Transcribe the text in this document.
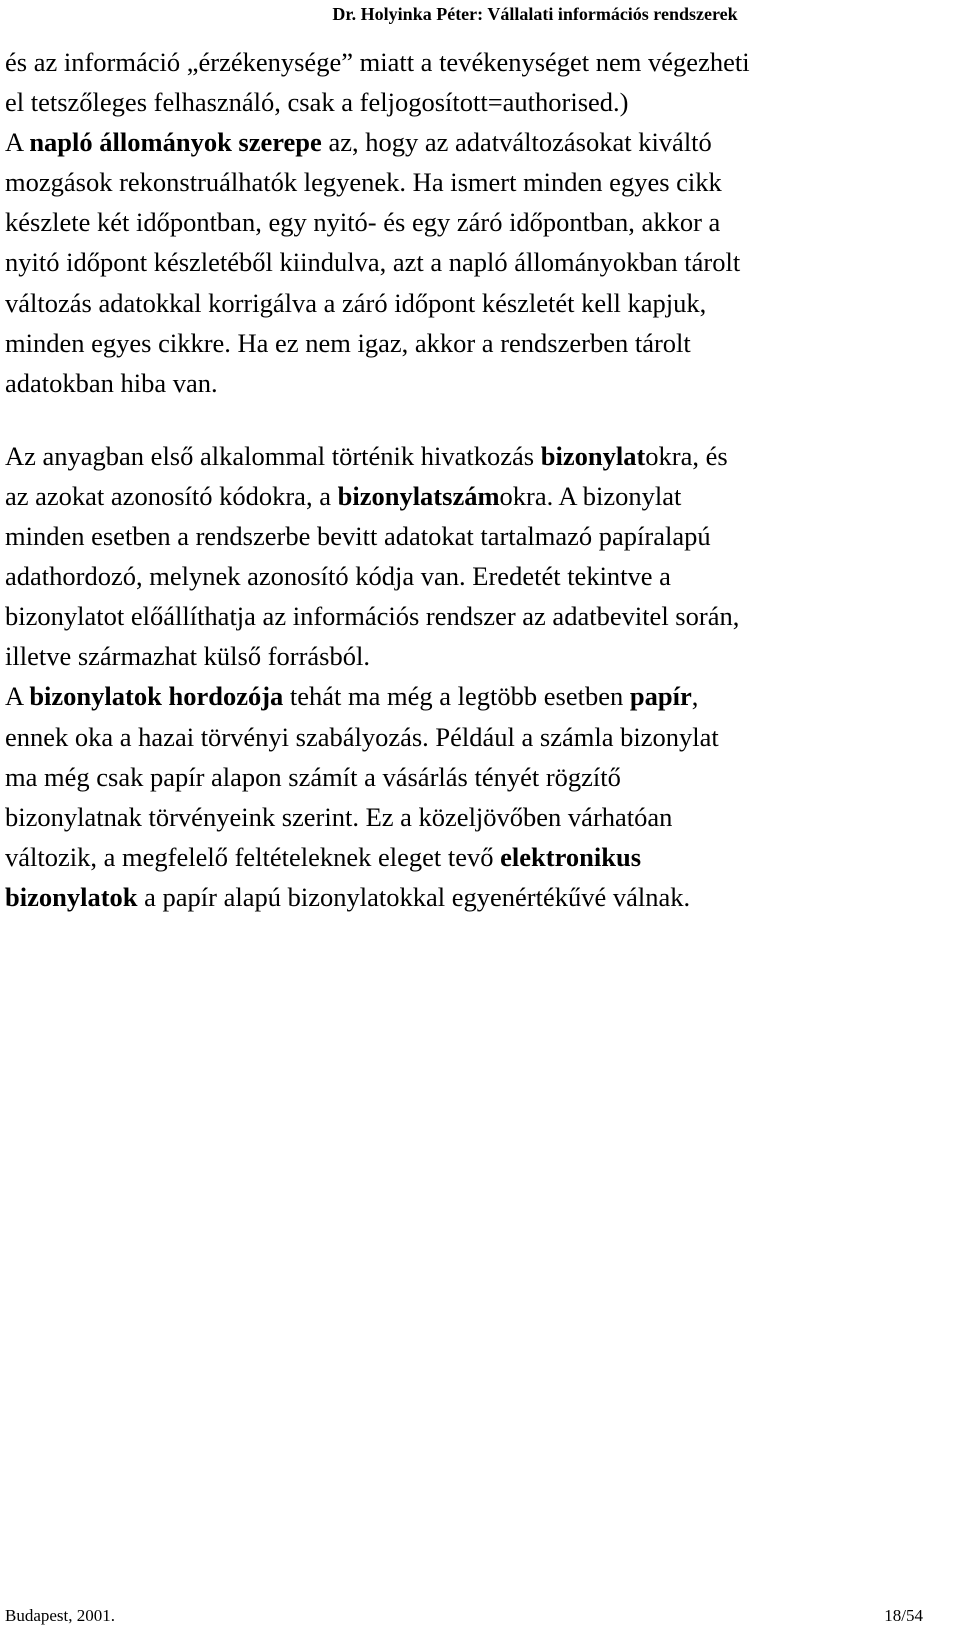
Dr. Holyinka Péter: Vállalati információs rendszerek
és az információ „érzékenysége” miatt a tevékenységet nem végezheti
el tetszőleges felhasználó, csak a feljogosított=authorised.)
A napló állományok szerepe az, hogy az adatváltozásokat kiváltó
mozgások rekonstruálhatók legyenek. Ha ismert minden egyes cikk
készlete két időpontban, egy nyitó- és egy záró időpontban, akkor a
nyitó időpont készletéből kiindulva, azt a napló állományokban tárolt
változás adatokkal korrigálva a záró időpont készletét kell kapjuk,
minden egyes cikkre. Ha ez nem igaz, akkor a rendszerben tárolt
adatokban hiba van.
Az anyagban első alkalommal történik hivatkozás bizonylatokra, és
az azokat azonosító kódokra, a bizonylatszámokra. A bizonylat
minden esetben a rendszerbe bevitt adatokat tartalmazó papíralapú
adathordozó, melynek azonosító kódja van. Eredetét tekintve a
bizonylatot előállíthatja az információs rendszer az adatbevitel során,
illetve származhat külső forrásból.
A bizonylatok hordozója tehát ma még a legtöbb esetben papír,
ennek oka a hazai törvényi szabályozás. Például a számla bizonylat
ma még csak papír alapon számít a vásárlás tényét rögzítő
bizonylatnak törvényeink szerint. Ez a közeljövőben várhatóan
változik, a megfelelő feltételeknek eleget tevő elektronikus
bizonylatok a papír alapú bizonylatokkal egyenértékűvé válnak.
Budapest, 2001.	18/54
